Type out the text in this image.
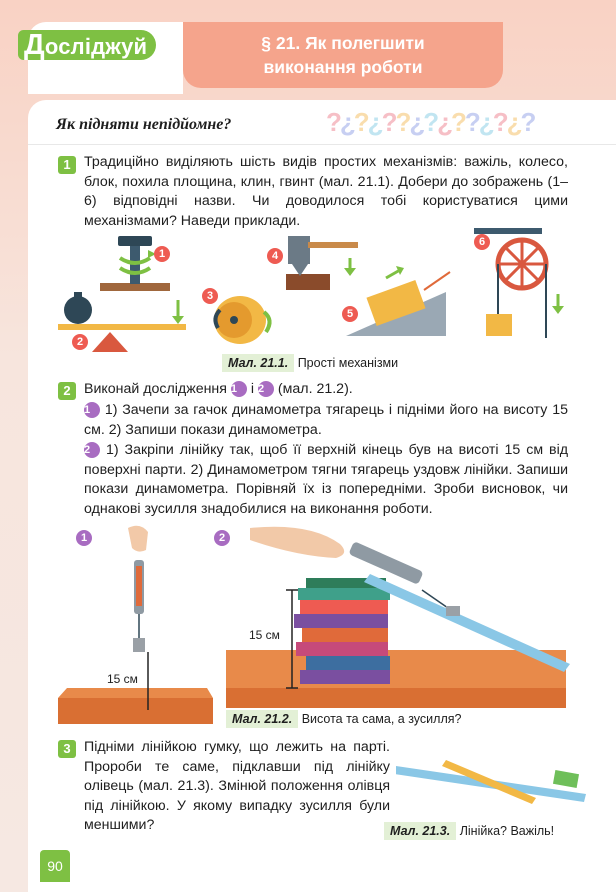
Досліджуй	§ 21. Як полегшити
виконання роботи
Як підняти непідйомне?	?¿?¿??¿?¿??¿?¿?
1 Традиційно виділяють шість видів простих механізмів: важіль, колесо, блок, похила площина, клин, гвинт (мал. 21.1). Добери до зображень (1–6) відповідні назви. Чи доводилося тобі користуватися цими механізмами? Наведи приклади.
1
2
3
4
5
6
Мал. 21.1. Прості механізми
2 Виконай дослідження 1 і 2 (мал. 21.2).
1 1) Зачепи за гачок динамометра тягарець і підніми його на висоту 15 см. 2) Запиши покази динамометра.
2 1) Закріпи лінійку так, щоб її верхній кінець був на висоті 15 см від поверхні парти. 2) Динамометром тягни тягарець уздовж лінійки. Запиши покази динамометра. Порівняй їх із попередніми. Зроби висновок, чи однакові зусилля знадобилися на виконання роботи.
1	2
15 см
15 см
Мал. 21.2. Висота та сама, а зусилля?
3 Підніми лінійкою гумку, що лежить на парті. Пророби те саме, підклавши під лінійку олівець (мал. 21.3). Змінюй положення олівця під лінійкою. У якому випадку зусилля були меншими?	Мал. 21.3. Лінійка? Важіль!
90
